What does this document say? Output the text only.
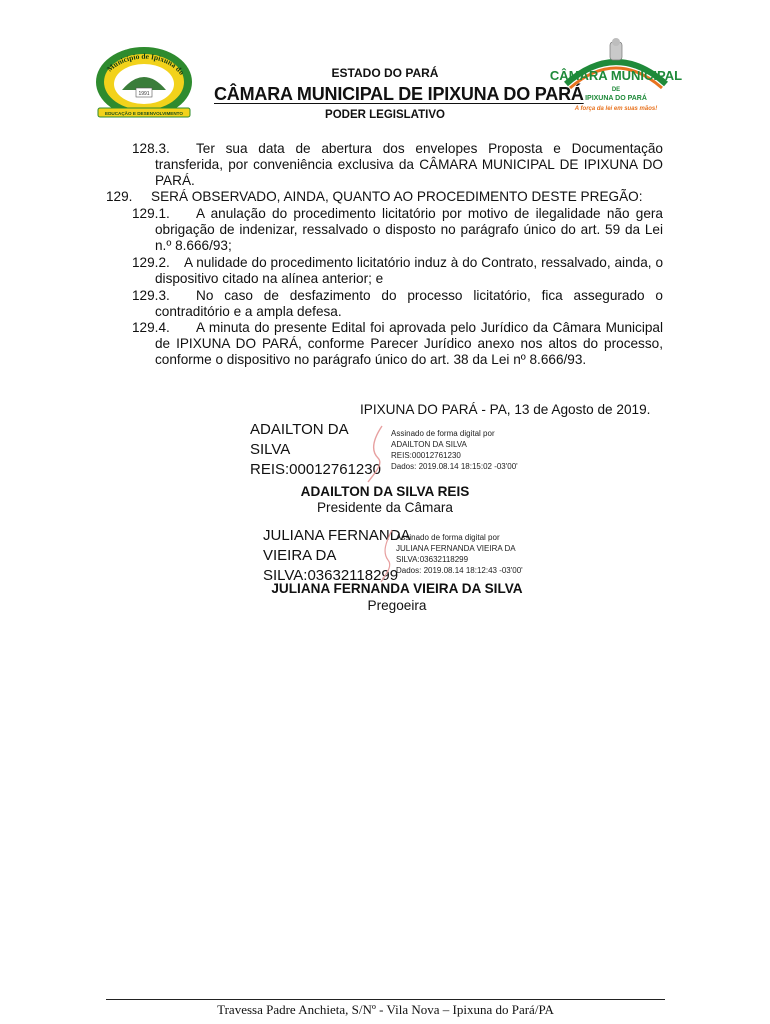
1991
Município de Ipixuna do
EDUCAÇÃO E DESENVOLVIMENTO
CÂMARA MUNICIPAL
DE
IPIXUNA DO PARÁ
A força da lei em suas mãos!
ESTADO DO PARÁ
CÂMARA MUNICIPAL DE IPIXUNA DO PARÁ
PODER LEGISLATIVO
128.3.	Ter sua data de abertura dos envelopes Proposta e Documentação transferida, por conveniência exclusiva da CÂMARA MUNICIPAL DE IPIXUNA DO PARÁ.
129. SERÁ OBSERVADO, AINDA, QUANTO AO PROCEDIMENTO DESTE PREGÃO:
129.1.	A anulação do procedimento licitatório por motivo de ilegalidade não gera obrigação de indenizar, ressalvado o disposto no parágrafo único do art. 59 da Lei n.º 8.666/93;
129.2.	A nulidade do procedimento licitatório induz à do Contrato, ressalvado, ainda, o dispositivo citado na alínea anterior; e
129.3.	No caso de desfazimento do processo licitatório, fica assegurado o contraditório e a ampla defesa.
129.4.	A minuta do presente Edital foi aprovada pelo Jurídico da Câmara Municipal de IPIXUNA DO PARÁ, conforme Parecer Jurídico anexo nos altos do processo, conforme o dispositivo no parágrafo único do art. 38 da Lei nº 8.666/93.
IPIXUNA DO PARÁ - PA, 13 de Agosto de 2019.
ADAILTON DA
SILVA
REIS:00012761230
Assinado de forma digital por
ADAILTON DA SILVA
REIS:00012761230
Dados: 2019.08.14 18:15:02 -03'00'
ADAILTON DA SILVA REIS
Presidente da Câmara
JULIANA FERNANDA
VIEIRA DA
SILVA:03632118299
Assinado de forma digital por
JULIANA FERNANDA VIEIRA DA
SILVA:03632118299
Dados: 2019.08.14 18:12:43 -03'00'
JULIANA FERNANDA VIEIRA DA SILVA
Pregoeira
Travessa Padre Anchieta, S/Nº - Vila Nova – Ipixuna do Pará/PA
